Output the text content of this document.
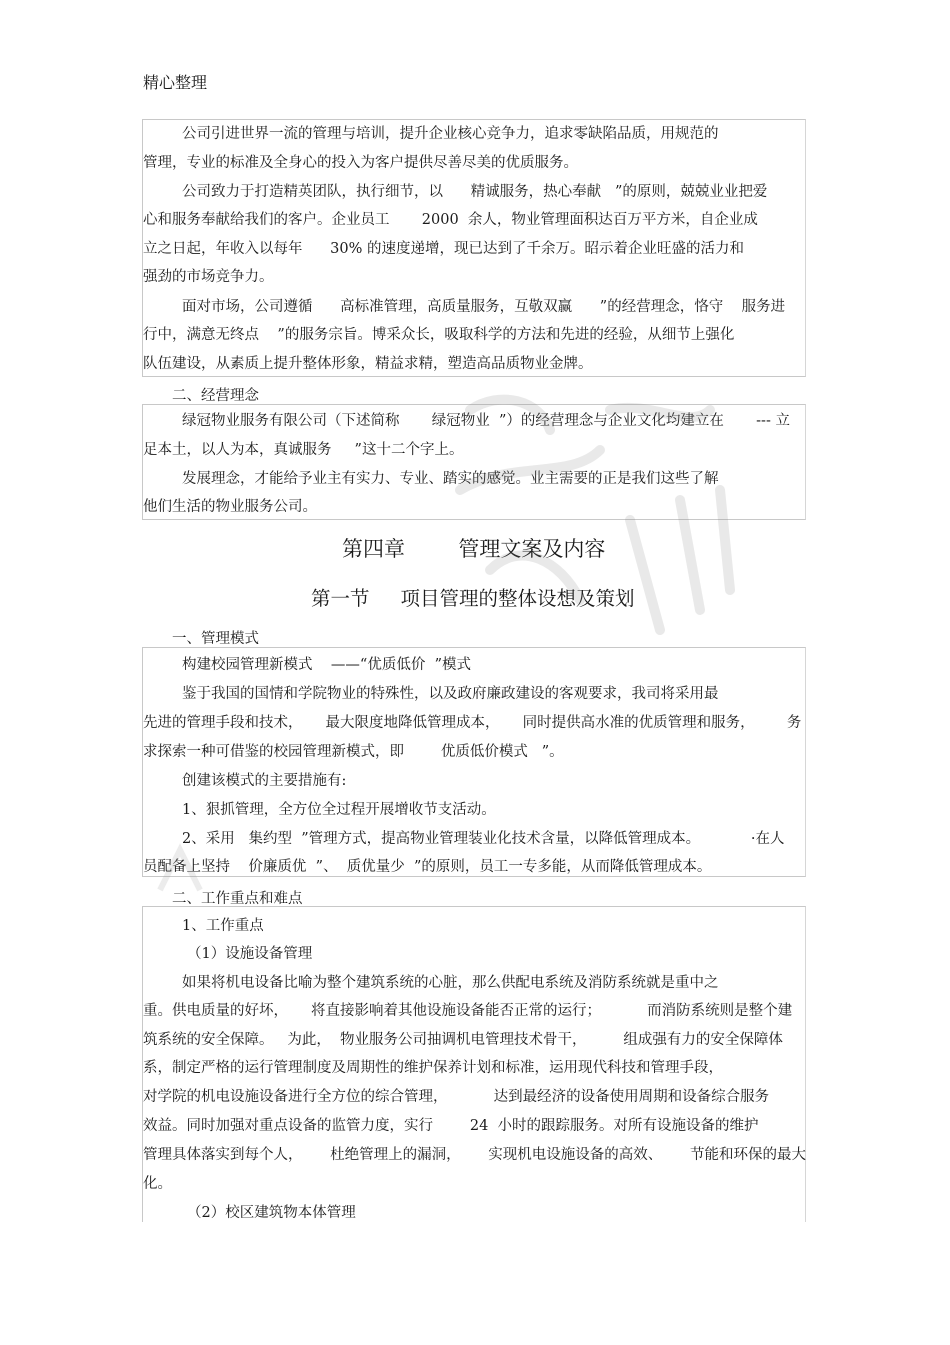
精心整理
公司引进世界一流的管理与培训，提升企业核心竞争力，追求零缺陷品质，用规范的
管理，专业的标准及全身心的投入为客户提供尽善尽美的优质服务。
公司致力于打造精英团队，执行细节，以      精诚服务，热心奉献   ”的原则，兢兢业业把爱
心和服务奉献给我们的客户。企业员工       2000  余人，物业管理面积达百万平方米，自企业成
立之日起，年收入以每年      30% 的速度递增，现已达到了千余万。昭示着企业旺盛的活力和
强劲的市场竞争力。
面对市场，公司遵循      高标准管理，高质量服务，互敬双赢      ”的经营理念，恪守    服务进
行中，满意无终点    ”的服务宗旨。博采众长，吸取科学的方法和先进的经验，从细节上强化
队伍建设，从素质上提升整体形象，精益求精，塑造高品质物业金牌。
二、经营理念
绿冠物业服务有限公司（下述简称       绿冠物业  ”）的经营理念与企业文化均建立在       --- 立
足本土，以人为本，真诚服务     ”这十二个字上。
发展理念，才能给予业主有实力、专业、踏实的感觉。业主需要的正是我们这些了解
他们生活的物业服务公司。
第四章        管理文案及内容
第一节     项目管理的整体设想及策划
一、管理模式
构建校园管理新模式    ——“优质低价  ”模式
鉴于我国的国情和学院物业的特殊性，以及政府廉政建设的客观要求，我司将采用最
先进的管理手段和技术，     最大限度地降低管理成本，     同时提供高水准的优质管理和服务，       务
求探索一种可借鉴的校园管理新模式，即        优质低价模式   ”。
创建该模式的主要措施有:
1、狠抓管理，全方位全过程开展增收节支活动。
2、采用   集约型  ”管理方式，提高物业管理装业化技术含量，以降低管理成本。           ·在人
员配备上坚持    价廉质优  ”、  质优量少  ”的原则，员工一专多能，从而降低管理成本。
二、工作重点和难点
1、工作重点
（1）设施设备管理
如果将机电设备比喻为整个建筑系统的心脏，那么供配电系统及消防系统就是重中之
重。供电质量的好坏，     将直接影响着其他设施设备能否正常的运行；          而消防系统则是整个建
筑系统的安全保障。   为此，  物业服务公司抽调机电管理技术骨干，        组成强有力的安全保障体
系，制定严格的运行管理制度及周期性的维护保养计划和标准，运用现代科技和管理手段，
对学院的机电设施设备进行全方位的综合管理，          达到最经济的设备使用周期和设备综合服务
效益。同时加强对重点设备的监管力度，实行        24  小时的跟踪服务。对所有设施设备的维护
管理具体落实到每个人，      杜绝管理上的漏洞，      实现机电设施设备的高效、      节能和环保的最大
化。
（2）校区建筑物本体管理
